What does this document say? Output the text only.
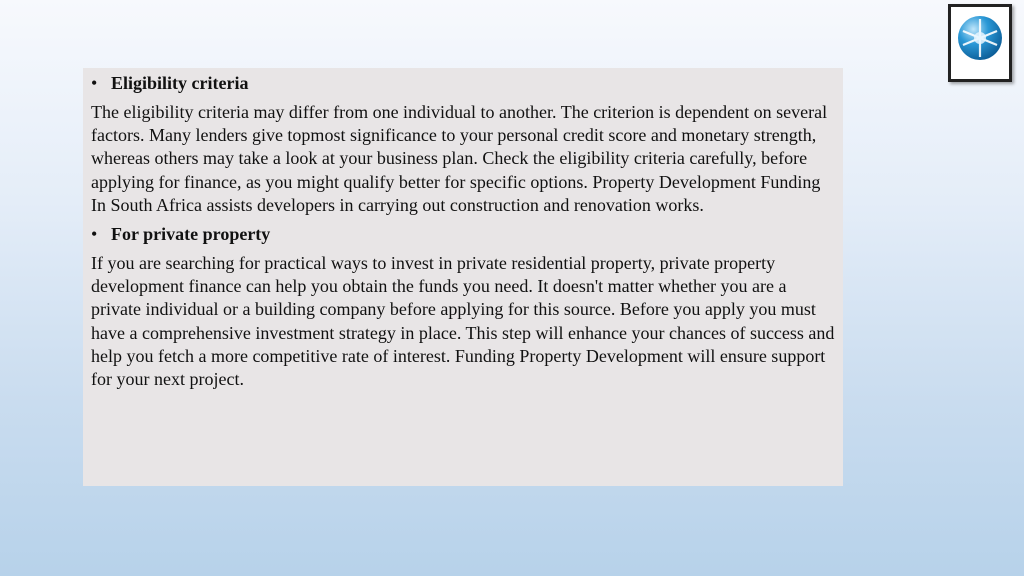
• Eligibility criteria

The eligibility criteria may differ from one individual to another. The criterion is dependent on several factors. Many lenders give topmost significance to your personal credit score and monetary strength, whereas others may take a look at your business plan. Check the eligibility criteria carefully, before applying for finance, as you might qualify better for specific options. Property Development Funding In South Africa assists developers in carrying out construction and renovation works.

• For private property

If you are searching for practical ways to invest in private residential property, private property development finance can help you obtain the funds you need. It doesn't matter whether you are a private individual or a building company before applying for this source. Before you apply you must have a comprehensive investment strategy in place. This step will enhance your chances of success and help you fetch a more competitive rate of interest. Funding Property Development will ensure support for your next project.

TUHF
